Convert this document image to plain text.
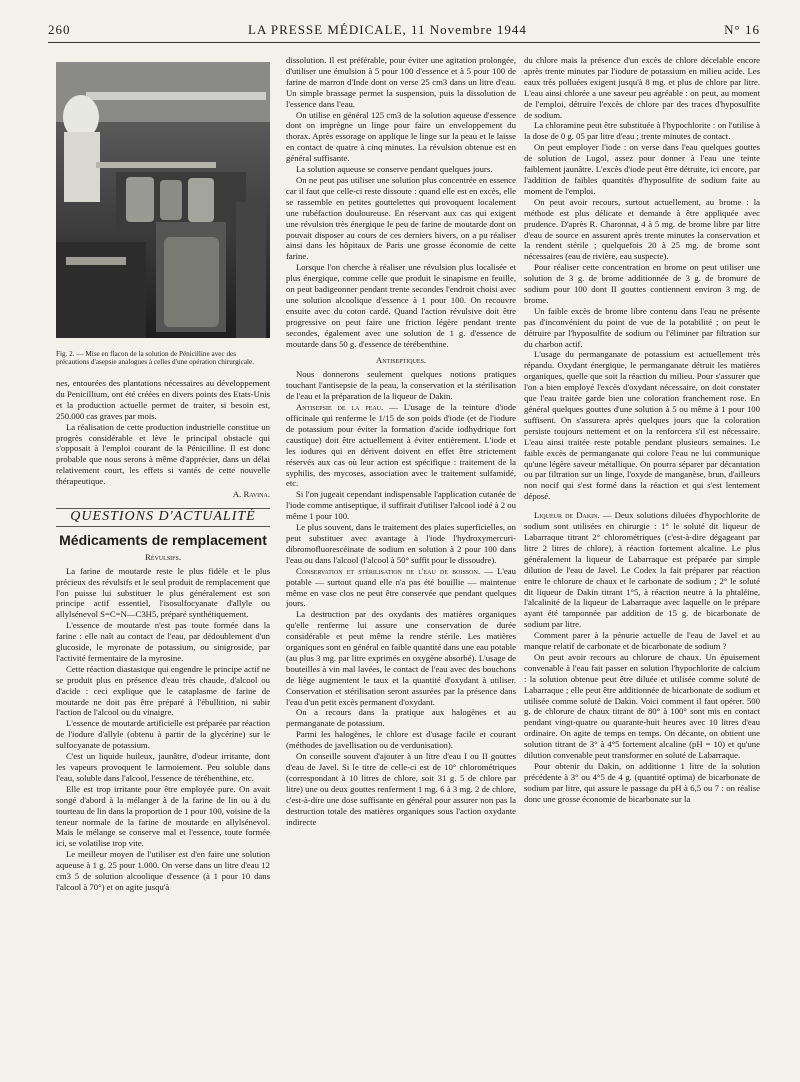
260	LA PRESSE MÉDICALE, 11 Novembre 1944	N° 16
Fig. 2. — Mise en flacon de la solution de Pénicilline avec des précautions d'asepsie analogues à celles d'une opération chirurgicale.

nes, entourées des plantations nécessaires au développement du Penicillium, ont été créées en divers points des Etats-Unis et la production actuelle permet de traiter, si besoin est, 250.000 cas graves par mois.

La réalisation de cette production industrielle constitue un progrès considérable et lève le principal obstacle qui s'opposait à l'emploi courant de la Pénicilline. Il est donc probable que nous serons à même d'apprécier, dans un délai relativement court, les effets si vantés de cette nouvelle thérapeutique.

A. Ravina.
QUESTIONS D'ACTUALITÉ
Médicaments de remplacement
Révulsifs.

La farine de moutarde reste le plus fidèle et le plus précieux des révulsifs et le seul produit de remplacement que l'on puisse lui substituer le plus généralement est son principe actif essentiel, l'isosulfocyanate d'allyle ou allylsénevol S=C=N—C3H5, préparé synthétiquement.

L'essence de moutarde n'est pas toute formée dans la farine : elle naît au contact de l'eau, par dédoublement d'un glucoside, le myronate de potassium, ou sinigroside, par l'activité fermentaire de la myrosine.

Cette réaction diastasique qui engendre le principe actif ne se produit plus en présence d'eau très chaude, d'alcool ou d'acide : ceci explique que le cataplasme de farine de moutarde ne doit pas être préparé à l'ébullition, ni subir l'action de l'alcool ou du vinaigre.

L'essence de moutarde artificielle est préparée par réaction de l'iodure d'allyle (obtenu à partir de la glycérine) sur le sulfocyanate de potassium.

C'est un liquide huileux, jaunâtre, d'odeur irritante, dont les vapeurs provoquent le larmoiement. Peu soluble dans l'eau, soluble dans l'alcool, l'essence de térébenthine, etc.

Elle est trop irritante pour être employée pure. On avait songé d'abord à la mélanger à de la farine de lin ou à du tourteau de lin dans la proportion de 1 pour 100, voisine de la teneur normale de la farine de moutarde en allylsénevol. Mais le mélange se conserve mal et l'essence, toute formée ici, se volatilise trop vite.

Le meilleur moyen de l'utiliser est d'en faire une solution aqueuse à 1 g. 25 pour 1.000. On verse dans un litre d'eau 12 cm3 5 de solution alcoolique d'essence (à 1 pour 10 dans l'alcool à 70°) et on agite jusqu'à

dissolution. Il est préférable, pour éviter une agitation prolongée, d'utiliser une émulsion à 5 pour 100 d'essence et à 5 pour 100 de farine de marron d'Inde dont on verse 25 cm3 dans un litre d'eau. Un simple brassage permet la suspension, puis la dissolution de l'essence dans l'eau.

On utilise en général 125 cm3 de la solution aqueuse d'essence dont on imprègne un linge pour faire un enveloppement du thorax. Après essorage on applique le linge sur la peau et le laisse en contact de quatre à cinq minutes. La révulsion obtenue est en général suffisante.

La solution aqueuse se conserve pendant quelques jours.

On ne peut pas utiliser une solution plus concentrée en essence car il faut que celle-ci reste dissoute : quand elle est en excès, elle se rassemble en petites gouttelettes qui provoquent localement une rubéfaction douloureuse. En réservant aux cas qui exigent une révulsion très énergique le peu de farine de moutarde dont on pouvait disposer au cours de ces derniers hivers, on a pu réaliser ainsi dans les hôpitaux de Paris une grosse économie de cette farine.

Lorsque l'on cherche à réaliser une révulsion plus localisée et plus énergique, comme celle que produit le sinapisme en feuille, on peut badigeonner pendant trente secondes l'endroit choisi avec une solution alcoolique d'essence à 1 pour 100. On recouvre ensuite avec du coton cardé. Quand l'action révulsive doit être progressive on peut faire une friction légère pendant trente secondes, également avec une solution de 1 g. d'essence de moutarde dans 50 g. d'essence de térébenthine.

Antiseptiques.

Nous donnerons seulement quelques notions pratiques touchant l'antisepsie de la peau, la conservation et la stérilisation de l'eau et la préparation de la liqueur de Dakin.

Antisepsie de la peau. — L'usage de la teinture d'iode officinale qui renferme le 1/15 de son poids d'iode (et de l'iodure de potassium pour éviter la formation d'acide iodhydrique fort caustique) doit être actuellement à éviter entièrement. L'iode et les iodures qui en dérivent doivent en effet être strictement réservés aux cas où leur action est spécifique : traitement de la syphilis, des mycoses, association avec le traitement sulfamidé, etc.

Si l'on jugeait cependant indispensable l'application cutanée de l'iode comme antiseptique, il suffirait d'utiliser l'alcool iodé à 2 ou même 1 pour 100.

Le plus souvent, dans le traitement des plaies superficielles, on peut substituer avec avantage à l'iode l'hydroxymercuri-dibromofluorescéinate de sodium en solution à 2 pour 100 dans l'eau ou dans l'alcool (l'alcool à 50° suffit pour le dissoudre).

Conservation et stérilisation de l'eau de boisson. — L'eau potable — surtout quand elle n'a pas été bouillie — maintenue même en vase clos ne peut être conservée que pendant quelques jours.

La destruction par des oxydants des matières organiques qu'elle renferme lui assure une conservation de durée considérable et peut même la rendre stérile. Les matières organiques sont en général en faible quantité dans une eau potable (au plus 3 mg. par litre exprimés en oxygène absorbé). L'usage de bouteilles à vin mal lavées, le contact de l'eau avec des bouchons de liège augmentent le taux et la quantité d'oxydant à utiliser. Conservation et stérilisation seront assurées par la présence dans l'eau d'un petit excès permanent d'oxydant.

On a recours dans la pratique aux halogènes et au permanganate de potassium.

Parmi les halogènes, le chlore est d'usage facile et courant (méthodes de javellisation ou de verdunisation).

On conseille souvent d'ajouter à un litre d'eau I ou II gouttes d'eau de Javel. Si le titre de celle-ci est de 10° chlorométriques (correspondant à 10 litres de chlore, soit 31 g. 5 de chlore par litre) une ou deux gouttes renferment 1 mg. 6 à 3 mg. 2 de chlore, c'est-à-dire une dose suffisante en général pour assurer non pas la destruction totale des matières organiques sous l'action oxydante indirecte

du chlore mais la présence d'un excès de chlore décelable encore après trente minutes par l'iodure de potassium en milieu acide. Les eaux très polluées exigent jusqu'à 8 mg. et plus de chlore par litre. L'eau ainsi chlorée a une saveur peu agréable : on peut, au moment de l'emploi, détruire l'excès de chlore par des traces d'hyposulfite de sodium.

La chloramine peut être substituée à l'hypochlorite : on l'utilise à la dose de 0 g. 05 par litre d'eau ; trente minutes de contact.

On peut employer l'iode : on verse dans l'eau quelques gouttes de solution de Lugol, assez pour donner à l'eau une teinte faiblement jaunâtre. L'excès d'iode peut être détruite, ici encore, par l'addition de faibles quantités d'hyposulfite de sodium faite au moment de l'emploi.

On peut avoir recours, surtout actuellement, au brome : la méthode est plus délicate et demande à être appliquée avec prudence. D'après R. Charonnat, 4 à 5 mg. de brome libre par litre d'eau de source en assurent après trente minutes la conservation et la rendent stérile ; quelquefois 20 à 25 mg. de brome sont nécessaires (eau de rivière, eau suspecte).

Pour réaliser cette concentration en brome on peut utiliser une solution de 3 g. de brome additionnée de 3 g. de bromure de sodium pour 100 dont II gouttes contiennent environ 3 mg. de brome.

Un faible excès de brome libre contenu dans l'eau ne présente pas d'inconvénient du point de vue de la potabilité ; on peut le détruire par l'hyposulfite de sodium ou l'éliminer par filtration sur du charbon actif.

L'usage du permanganate de potassium est actuellement très répandu. Oxydant énergique, le permanganate détruit les matières organiques, quelle que soit la réaction du milieu. Pour s'assurer que l'on a bien employé l'excès d'oxydant nécessaire, on doit constater que l'eau traitée garde bien une coloration franchement rose. En général quelques gouttes d'une solution à 5 ou même à 1 pour 100 suffisent. On s'assurera après quelques jours que la coloration persiste toujours nettement et on la renforcera s'il est nécessaire. L'eau ainsi traitée reste potable pendant plusieurs semaines. Le faible excès de permanganate qui colore l'eau ne lui communique qu'une légère saveur métallique. On pourra séparer par décantation ou par filtration sur un linge, l'oxyde de manganèse, brun, d'ailleurs non nocif qui s'est formé dans la réaction et qui s'est lentement déposé.

Liqueur de Dakin. — Deux solutions diluées d'hypochlorite de sodium sont utilisées en chirurgie : 1° le soluté dit liqueur de Labarraque titrant 2° chlorométriques (c'est-à-dire dégageant par litre 2 litres de chlore), à réaction fortement alcaline. Le plus généralement la liqueur de Labarraque est préparée par simple dilution de l'eau de Javel. Le Codex la fait préparer par réaction entre le chlorure de chaux et le carbonate de sodium ; 2° le soluté dit liqueur de Dakin titrant 1°5, à réaction neutre à la phtaléine, l'alcalinité de la liqueur de Labarraque avec laquelle on le prépare ayant été tamponnée par addition de 15 g. de bicarbonate de sodium par litre.

Comment parer à la pénurie actuelle de l'eau de Javel et au manque relatif de carbonate et de bicarbonate de sodium ?

On peut avoir recours au chlorure de chaux. Un épuisement convenable à l'eau fait passer en solution l'hypochlorite de calcium : la solution obtenue peut être diluée et utilisée comme soluté de Labarraque ; elle peut être additionnée de bicarbonate de sodium et utilisée comme soluté de Dakin. Voici comment il faut opérer. 500 g. de chlorure de chaux titrant de 80° à 100° sont mis en contact pendant vingt-quatre ou quarante-huit heures avec 10 litres d'eau ordinaire. On agite de temps en temps. On décante, on obtient une solution titrant de 3° à 4°5 fortement alcaline (pH = 10) et qu'une dilution convenable peut transformer en soluté de Labarraque.

Pour obtenir du Dakin, on additionne 1 litre de la solution précédente à 3° ou 4°5 de 4 g. (quantité optima) de bicarbonate de sodium par litre, qui assure le passage du pH à 6,5 ou 7 : on réalise donc une grosse économie de bicarbonate sur la
